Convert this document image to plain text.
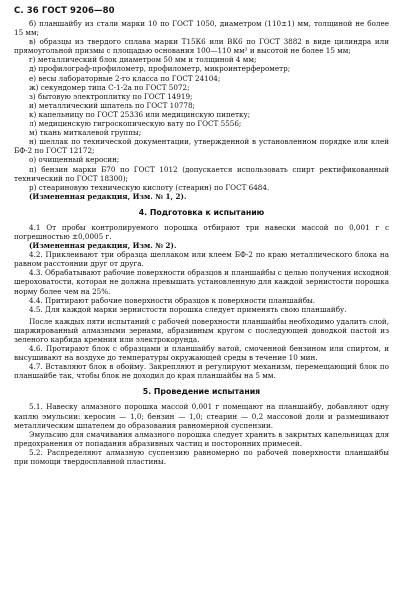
С. 36 ГОСТ 9206—80

б) планшайбу из стали марки 10 по ГОСТ 1050, диаметром (110±1) мм, толщиной не более 15 мм;

в) образцы из твердого сплава марки Т15К6 или ВК6 по ГОСТ 3882 в виде цилиндра или прямоугольной призмы с площадью основания 100—110 мм² и высотой не более 15 мм;

г) металлический блок диаметром 50 мм и толщиной 4 мм;

д) профилограф-профилометр, профилометр, микроинтерферометр;

е) весы лабораторные 2-го класса по ГОСТ 24104;

ж) секундомер типа С-1-2а по ГОСТ 5072;

з) бытовую электроплитку по ГОСТ 14919;

и) металлический шпатель по ГОСТ 10778;

к) капельницу по ГОСТ 25336 или медицинскую пипетку;

л) медицинскую гигроскопическую вату по ГОСТ 5556;

м) ткань миткалевой группы;

н) шеллак по технической документации, утвержденной в установленном порядке или клей БФ-2 по ГОСТ 12172;

о) очищенный керосин;

п) бензин марки Б70 по ГОСТ 1012 (допускается использовать спирт ректификованный технический по ГОСТ 18300);

р) стеариновую техническую кислоту (стеарин) по ГОСТ 6484.

(Измененная редакция, Изм. № 1, 2).

4. Подготовка к испытанию

4.1 От пробы контролируемого порошка отбирают три навески массой по 0,001 г с погрешностью ±0,0005 г.

(Измененная редакция, Изм. № 2).

4.2. Приклеивают три образца шеллаком или клеем БФ-2 по краю металлического блока на равном расстоянии друг от друга.

4.3. Обрабатывают рабочие поверхности образцов и планшайбы с целью получения исходной шероховатости, которая не должна превышать установленную для каждой зернистости порошка норму более чем на 25%.

4.4. Притирают рабочие поверхности образцов к поверхности планшайбы.

4.5. Для каждой марки зернистости порошка следует применять свою планшайбу.

После каждых пяти испытаний с рабочей поверхности планшайбы необходимо удалить слой, шаржированный алмазными зернами, абразивным кругом с последующей доводкой пастой из зеленого карбида кремния или электрокорунда.

4.6. Протирают блок с образцами и планшайбу ватой, смоченной бензином или спиртом, и высушивают на воздухе до температуры окружающей среды в течение 10 мин.

4.7. Вставляют блок в обойму. Закрепляют и регулируют механизм, перемещающий блок по планшайбе так, чтобы блок не доходил до края планшайбы на 5 мм.

5. Проведение испытания

5.1. Навеску алмазного порошка массой 0,001 г помещают на планшайбу, добавляют одну каплю эмульсии: керосин — 1,0; бензин — 1,0; стеарин — 0,2 массовой доли и размешивают металлическим шпателем до образования равномерной суспензии.

Эмульсию для смачивания алмазного порошка следует хранить в закрытых капельницах для предохранения от попадания абразивных частиц и посторонних примесей.

5.2. Распределяют алмазную суспензию равномерно по рабочей поверхности планшайбы при помощи твердосплавной пластины.
